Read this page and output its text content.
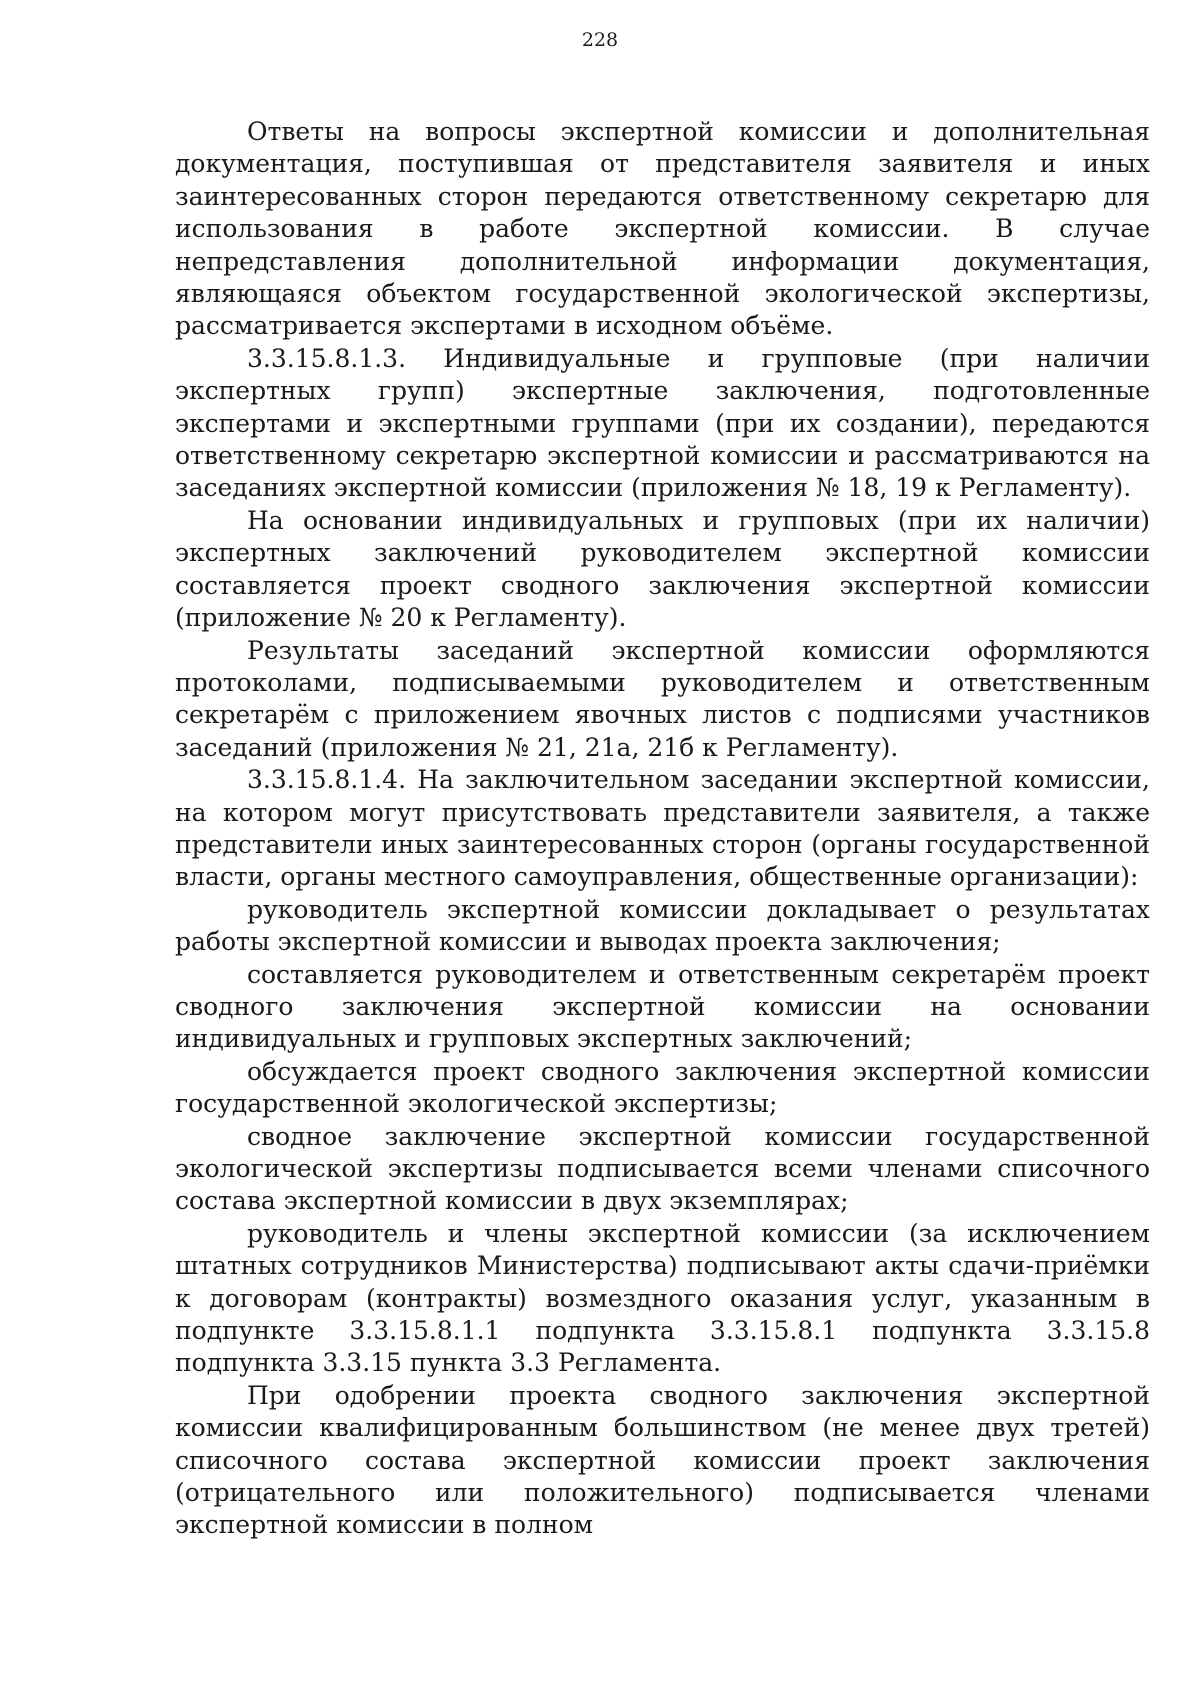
228

Ответы на вопросы экспертной комиссии и дополнительная документация, поступившая от представителя заявителя и иных заинтересованных сторон передаются ответственному секретарю для использования в работе экспертной комиссии. В случае непредставления дополнительной информации документация, являющаяся объектом государственной экологической экспертизы, рассматривается экспертами в исходном объёме.

3.3.15.8.1.3. Индивидуальные и групповые (при наличии экспертных групп) экспертные заключения, подготовленные экспертами и экспертными группами (при их создании), передаются ответственному секретарю экспертной комиссии и рассматриваются на заседаниях экспертной комиссии (приложения № 18, 19 к Регламенту).

На основании индивидуальных и групповых (при их наличии) экспертных заключений руководителем экспертной комиссии составляется проект сводного заключения экспертной комиссии (приложение № 20 к Регламенту).

Результаты заседаний экспертной комиссии оформляются протоколами, подписываемыми руководителем и ответственным секретарём с приложением явочных листов с подписями участников заседаний (приложения № 21, 21а, 21б к Регламенту).

3.3.15.8.1.4. На заключительном заседании экспертной комиссии, на котором могут присутствовать представители заявителя, а также представители иных заинтересованных сторон (органы государственной власти, органы местного самоуправления, общественные организации):

руководитель экспертной комиссии докладывает о результатах работы экспертной комиссии и выводах проекта заключения;

составляется руководителем и ответственным секретарём проект сводного заключения экспертной комиссии на основании индивидуальных и групповых экспертных заключений;

обсуждается проект сводного заключения экспертной комиссии государственной экологической экспертизы;

сводное заключение экспертной комиссии государственной экологической экспертизы подписывается всеми членами списочного состава экспертной комиссии в двух экземплярах;

руководитель и члены экспертной комиссии (за исключением штатных сотрудников Министерства) подписывают акты сдачи-приёмки к договорам (контракты) возмездного оказания услуг, указанным в подпункте 3.3.15.8.1.1 подпункта 3.3.15.8.1 подпункта 3.3.15.8 подпункта 3.3.15 пункта 3.3 Регламента.

При одобрении проекта сводного заключения экспертной комиссии квалифицированным большинством (не менее двух третей) списочного состава экспертной комиссии проект заключения (отрицательного или положительного) подписывается членами экспертной комиссии в полном
